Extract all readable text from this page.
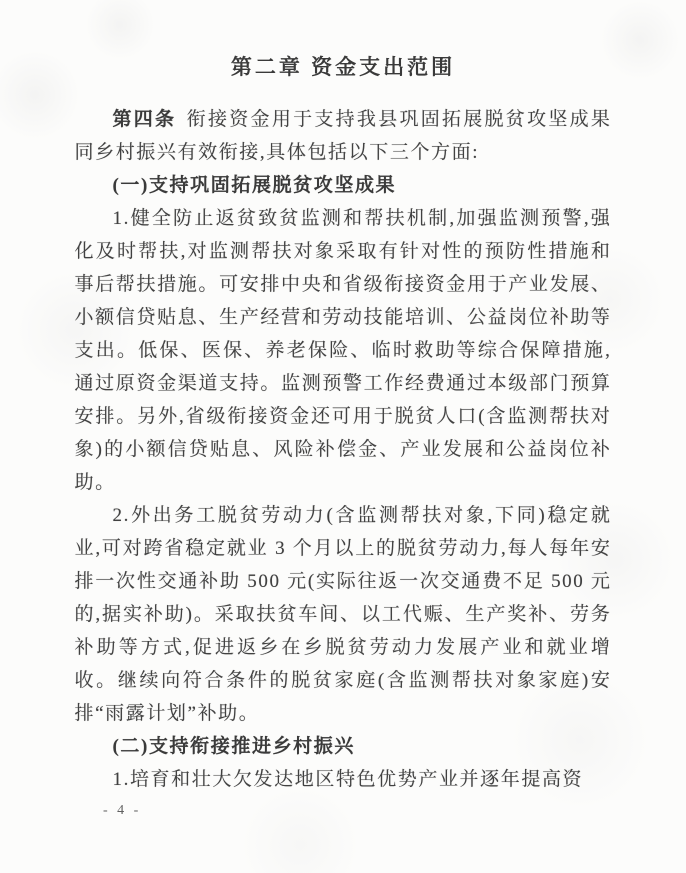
第二章 资金支出范围

第四条 衔接资金用于支持我县巩固拓展脱贫攻坚成果同乡村振兴有效衔接,具体包括以下三个方面:

(一)支持巩固拓展脱贫攻坚成果

1.健全防止返贫致贫监测和帮扶机制,加强监测预警,强化及时帮扶,对监测帮扶对象采取有针对性的预防性措施和事后帮扶措施。可安排中央和省级衔接资金用于产业发展、小额信贷贴息、生产经营和劳动技能培训、公益岗位补助等支出。低保、医保、养老保险、临时救助等综合保障措施,通过原资金渠道支持。监测预警工作经费通过本级部门预算安排。另外,省级衔接资金还可用于脱贫人口(含监测帮扶对象)的小额信贷贴息、风险补偿金、产业发展和公益岗位补助。

2.外出务工脱贫劳动力(含监测帮扶对象,下同)稳定就业,可对跨省稳定就业 3 个月以上的脱贫劳动力,每人每年安排一次性交通补助 500 元(实际往返一次交通费不足 500 元的,据实补助)。采取扶贫车间、以工代赈、生产奖补、劳务补助等方式,促进返乡在乡脱贫劳动力发展产业和就业增收。继续向符合条件的脱贫家庭(含监测帮扶对象家庭)安排“雨露计划”补助。

(二)支持衔接推进乡村振兴

1.培育和壮大欠发达地区特色优势产业并逐年提高资

- 4 -
